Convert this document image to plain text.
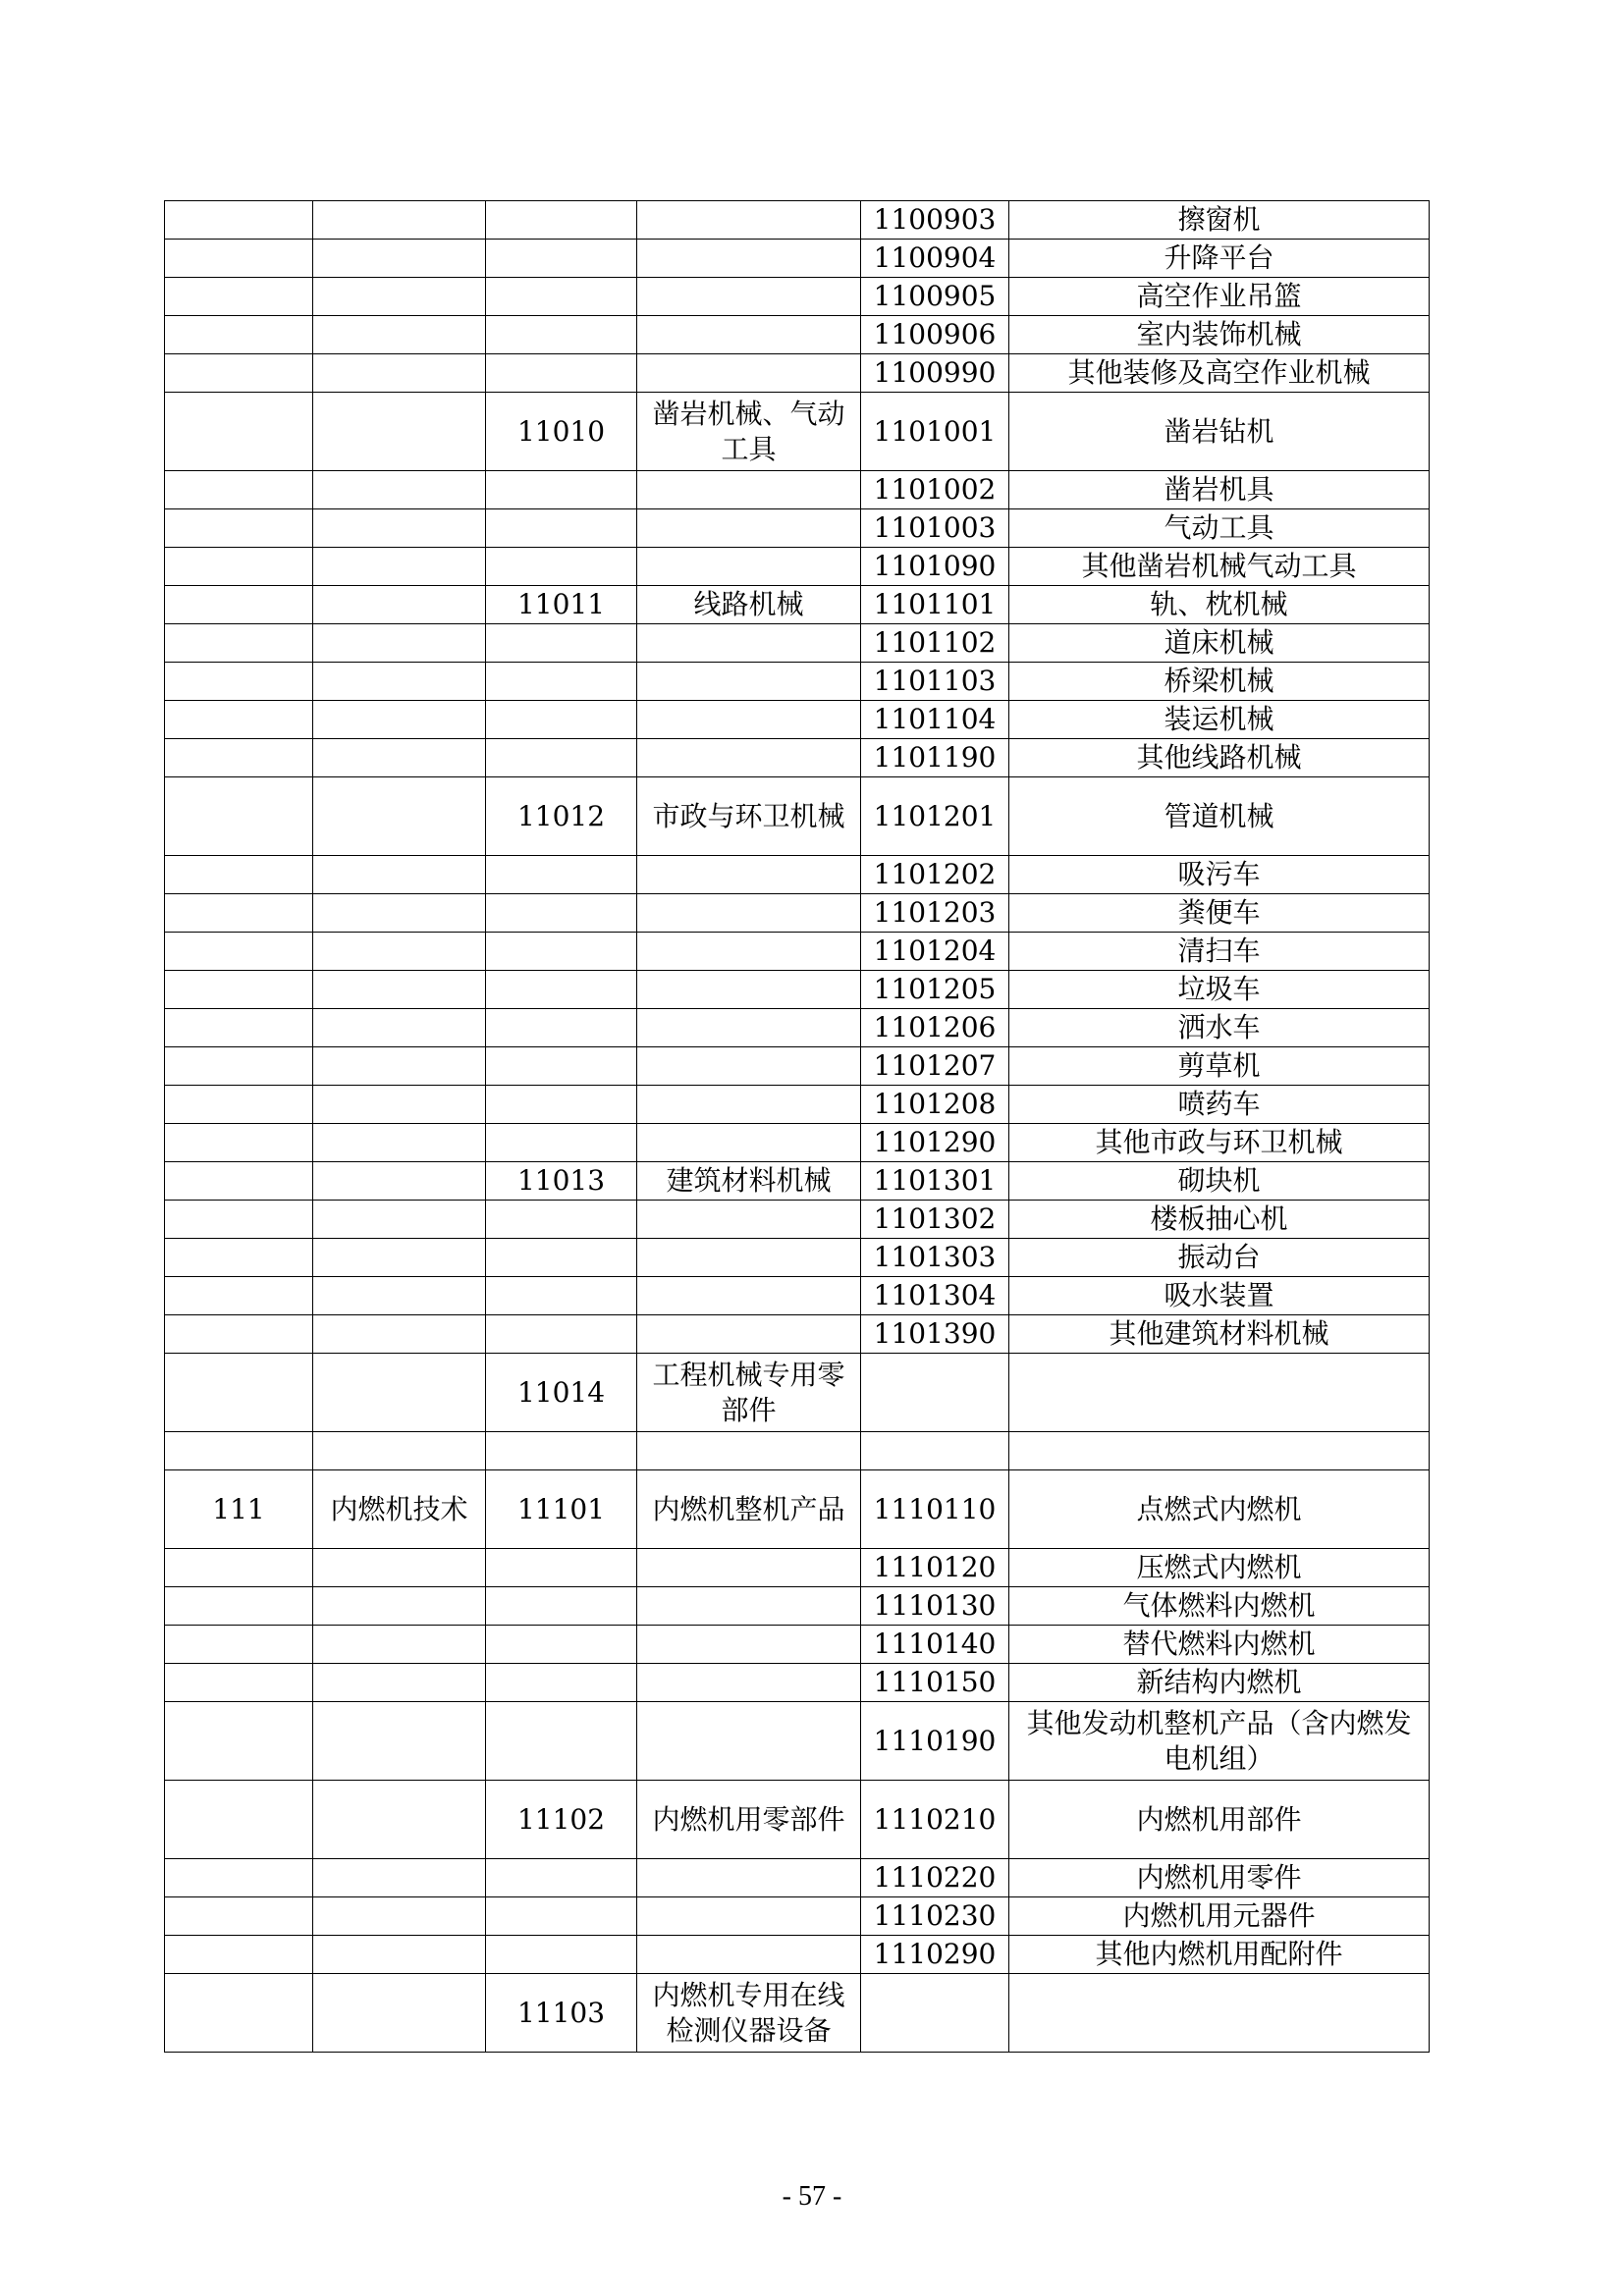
				1100903	擦窗机
				1100904	升降平台
				1100905	高空作业吊篮
				1100906	室内装饰机械
				1100990	其他装修及高空作业机械
		11010	凿岩机械、气动工具	1101001	凿岩钻机
				1101002	凿岩机具
				1101003	气动工具
				1101090	其他凿岩机械气动工具
		11011	线路机械	1101101	轨、枕机械
				1101102	道床机械
				1101103	桥梁机械
				1101104	装运机械
				1101190	其他线路机械
		11012	市政与环卫机械	1101201	管道机械
				1101202	吸污车
				1101203	粪便车
				1101204	清扫车
				1101205	垃圾车
				1101206	洒水车
				1101207	剪草机
				1101208	喷药车
				1101290	其他市政与环卫机械
		11013	建筑材料机械	1101301	砌块机
				1101302	楼板抽心机
				1101303	振动台
				1101304	吸水装置
				1101390	其他建筑材料机械
		11014	工程机械专用零部件		

111	内燃机技术	11101	内燃机整机产品	1110110	点燃式内燃机
				1110120	压燃式内燃机
				1110130	气体燃料内燃机
				1110140	替代燃料内燃机
				1110150	新结构内燃机
				1110190	其他发动机整机产品（含内燃发电机组）
		11102	内燃机用零部件	1110210	内燃机用部件
				1110220	内燃机用零件
				1110230	内燃机用元器件
				1110290	其他内燃机用配附件
		11103	内燃机专用在线检测仪器设备		
- 57 -
